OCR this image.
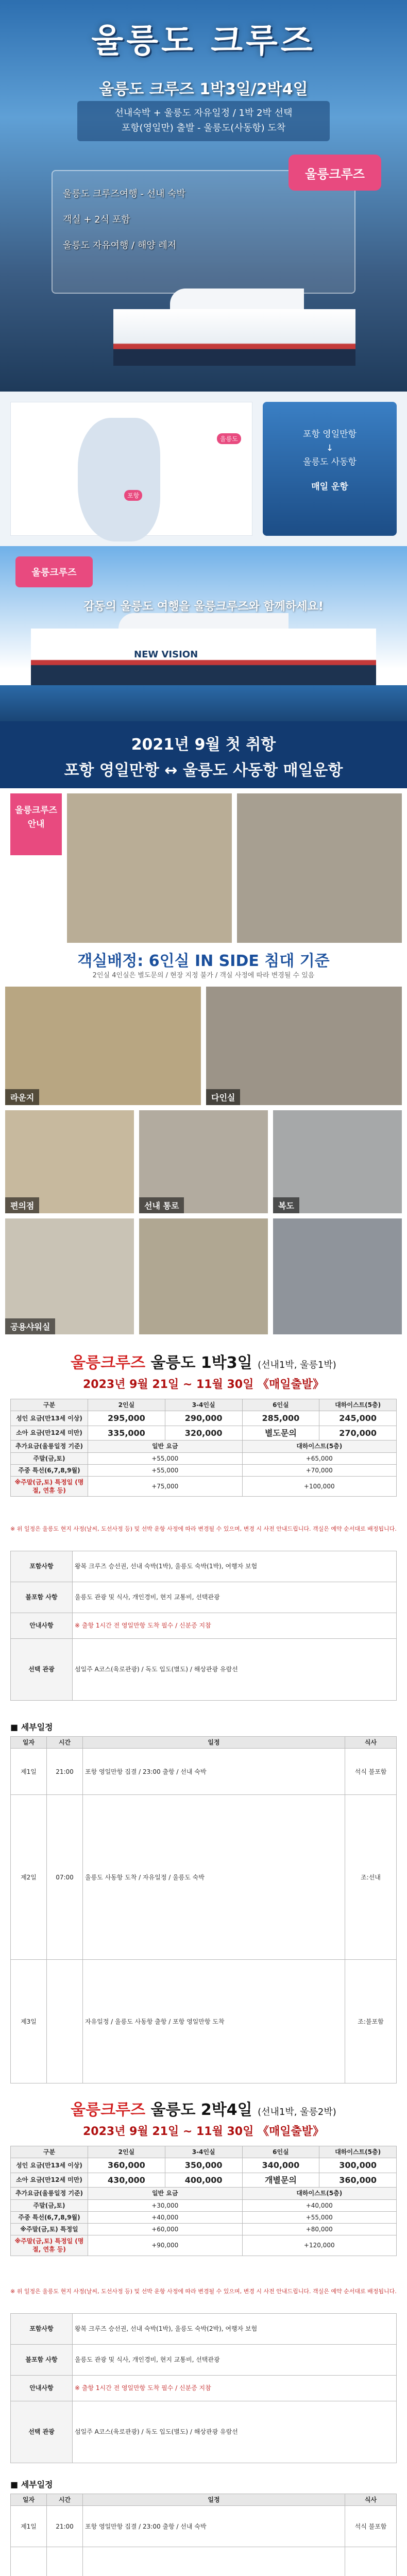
울릉도 크루즈
울릉도 크루즈 1박3일/2박4일

선내숙박 + 울릉도 자유일정 / 1박 2박 선택

포항(영일만) 출발 - 울릉도(사동항) 도착

울릉도 크루즈여행 - 선내 숙박

객실 + 2식 포함

울릉도 자유여행 / 해양 레저

울릉크루즈
포항
울릉도	포항 영일만항

↓

울릉도 사동항

매일 운항

울릉크루즈
감동의 울릉도 여행을 울릉크루즈와 함께하세요!
NEW VISION
2021년 9월 첫 취항
포항 영일만항 ↔ 울릉도 사동항 매일운항
울릉크루즈 안내
객실배정: 6인실 IN SIDE 침대 기준
2인실 4인실은 별도문의 / 현장 지정 불가 / 객실 사정에 따라 변경될 수 있음
라운지	다인실
편의점	선내 통로	복도
공용샤워실
울릉크루즈 울릉도 1박3일 (선내1박, 울릉1박)
2023년 9월 21일 ~ 11월 30일 《매일출발》
구분	2인실	3-4인실	6인실	대하이스트(5층)
성인 요금(만13세 이상)	295,000	290,000	285,000	245,000
소아 요금(만12세 미만)	335,000	320,000	별도문의	270,000
추가요금(울릉일정 기준)	일반 요금		대하이스트(5층)	
주말(금,토)	+55,000		+65,000	
주중 특선(6,7,8,9월)	+55,000		+70,000	
※주말(금,토) 특정일 (명절, 연휴 등)	+75,000		+100,000	
※ 위 일정은 울릉도 현지 사정(날씨, 도선사정 등) 및 선박 운항 사정에 따라 변경될 수 있으며, 변경 시 사전 안내드립니다. 객실은 예약 순서대로 배정됩니다.
포함사항	왕복 크루즈 승선권, 선내 숙박(1박), 울릉도 숙박(1박), 여행자 보험
불포함 사항	울릉도 관광 및 식사, 개인경비, 현지 교통비, 선택관광
안내사항	※ 출항 1시간 전 영일만항 도착 필수 / 신분증 지참
선택 관광	섬일주 A코스(육로관광) / 독도 입도(별도) / 해상관광 유람선
■ 세부일정
일자	시간	일정	식사
제1일	21:00	포항 영일만항 집결 / 23:00 출항 / 선내 숙박	석식 불포함
제2일	07:00	울릉도 사동항 도착 / 자유일정 / 울릉도 숙박	조:선내
제3일		자유일정 / 울릉도 사동항 출항 / 포항 영일만항 도착	조:불포함
울릉크루즈 울릉도 2박4일 (선내1박, 울릉2박)
2023년 9월 21일 ~ 11월 30일 《매일출발》
구분	2인실	3-4인실	6인실	대하이스트(5층)
성인 요금(만13세 이상)	360,000	350,000	340,000	300,000
소아 요금(만12세 미만)	430,000	400,000	개별문의	360,000
추가요금(울릉일정 기준)	일반 요금		대하이스트(5층)	
주말(금,토)	+30,000		+40,000	
주중 특선(6,7,8,9월)	+40,000		+55,000	
※주말(금,토) 특정일	+60,000		+80,000	
※주말(금,토) 특정일 (명절, 연휴 등)	+90,000		+120,000	
※ 위 일정은 울릉도 현지 사정(날씨, 도선사정 등) 및 선박 운항 사정에 따라 변경될 수 있으며, 변경 시 사전 안내드립니다. 객실은 예약 순서대로 배정됩니다.
포함사항	왕복 크루즈 승선권, 선내 숙박(1박), 울릉도 숙박(2박), 여행자 보험
불포함 사항	울릉도 관광 및 식사, 개인경비, 현지 교통비, 선택관광
안내사항	※ 출항 1시간 전 영일만항 도착 필수 / 신분증 지참
선택 관광	섬일주 A코스(육로관광) / 독도 입도(별도) / 해상관광 유람선
■ 세부일정
일자	시간	일정	식사
제1일	21:00	포항 영일만항 집결 / 23:00 출항 / 선내 숙박	석식 불포함
